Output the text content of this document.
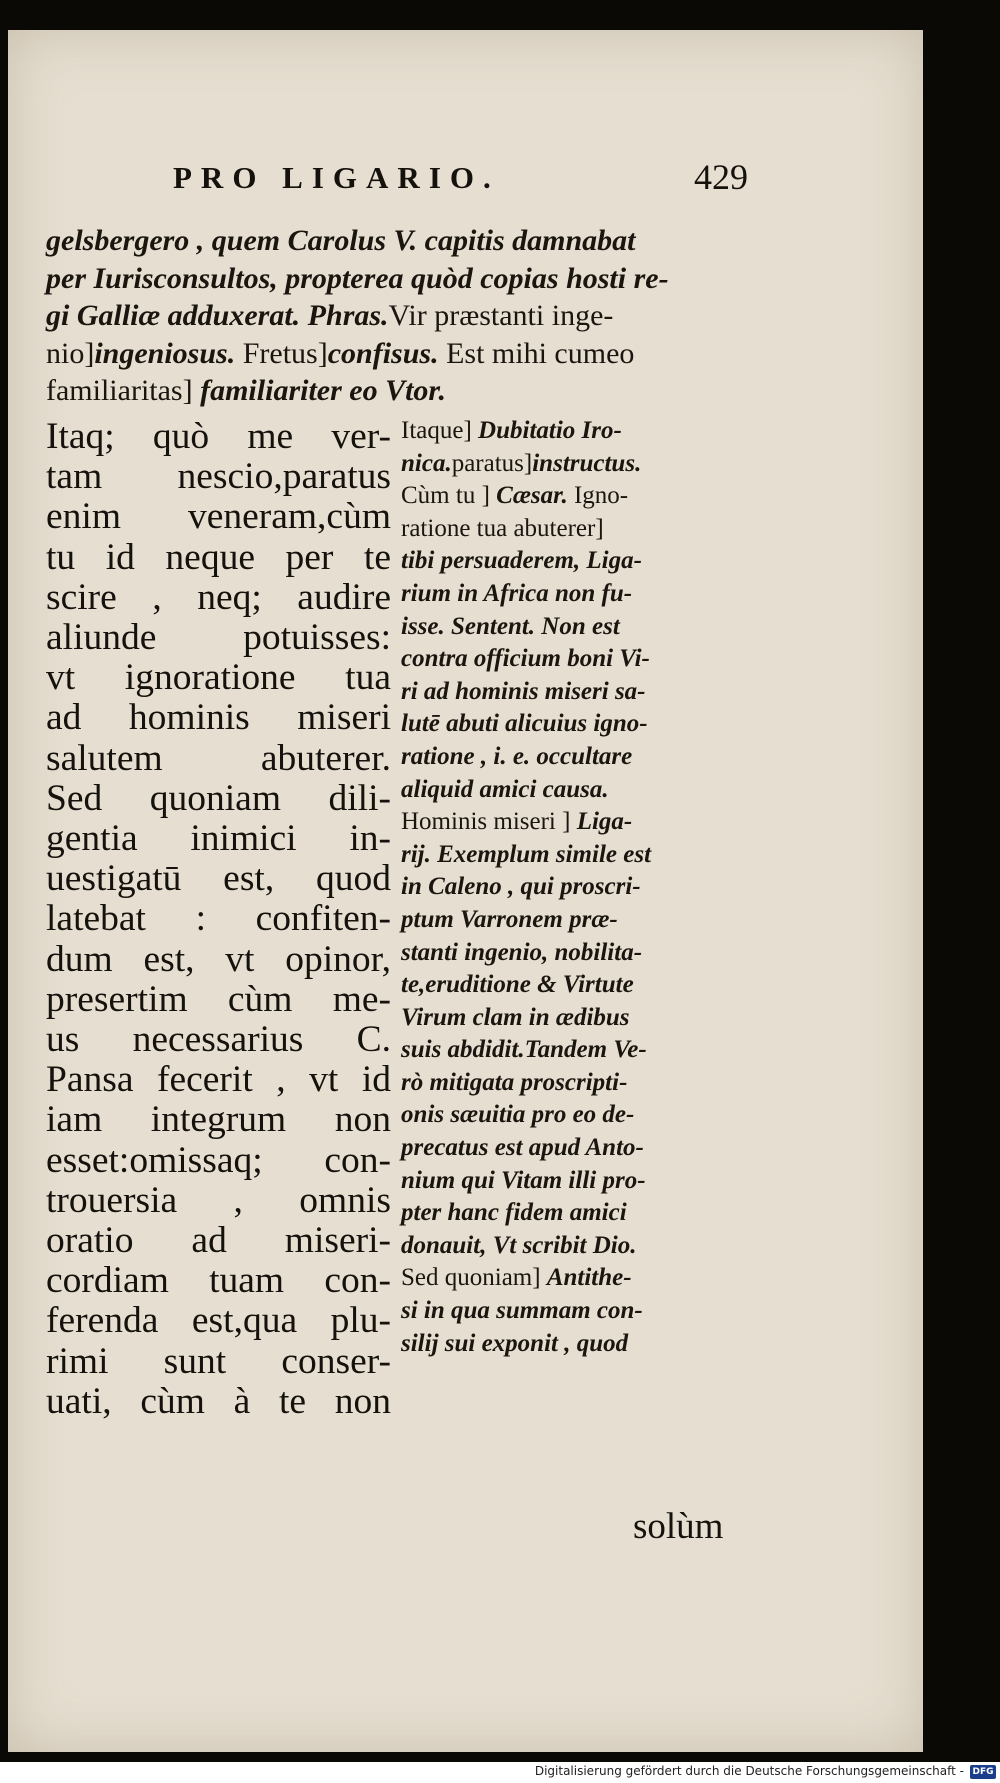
PRO LIGARIO.	429
gelsbergero , quem Carolus V. capitis damnabat
per Iurisconsultos, propterea quòd copias hosti re-
gi Galliæ adduxerat. Phras.Vir præstanti inge-
nio]ingeniosus. Fretus]confisus. Est mihi cumeo
familiaritas] familiariter eo Vtor.
Itaq; quò me ver-
tam nescio,paratus
enim veneram,cùm
tu id neque per te
scire , neq; audire
aliunde potuisses:
vt ignoratione tua
ad hominis miseri
salutem abuterer.
Sed quoniam dili-
gentia inimici in-
uestigatū est, quod
latebat : confiten-
dum est, vt opinor,
presertim cùm me-
us necessarius C.
Pansa fecerit , vt id
iam integrum non
esset:omissaq; con-
trouersia , omnis
oratio ad miseri-
cordiam tuam con-
ferenda est,qua plu-
rimi sunt conser-
uati, cùm à te non
Itaque] Dubitatio Iro-
nica.paratus]instructus.
Cùm tu ] Cæsar. Igno-
ratione tua abuterer]
tibi persuaderem, Liga-
rium in Africa non fu-
isse. Sentent. Non est
contra officium boni Vi-
ri ad hominis miseri sa-
lutē abuti alicuius igno-
ratione , i. e. occultare
aliquid amici causa.
Hominis miseri ] Liga-
rij. Exemplum simile est
in Caleno , qui proscri-
ptum Varronem præ-
stanti ingenio, nobilita-
te,eruditione & Virtute
Virum clam in ædibus
suis abdidit.Tandem Ve-
rò mitigata proscripti-
onis sæuitia pro eo de-
precatus est apud Anto-
nium qui Vitam illi pro-
pter hanc fidem amici
donauit, Vt scribit Dio.
Sed quoniam] Antithe-
si in qua summam con-
silij sui exponit , quod
solùm
Digitalisierung gefördert durch die Deutsche Forschungsgemeinschaft - DFG
